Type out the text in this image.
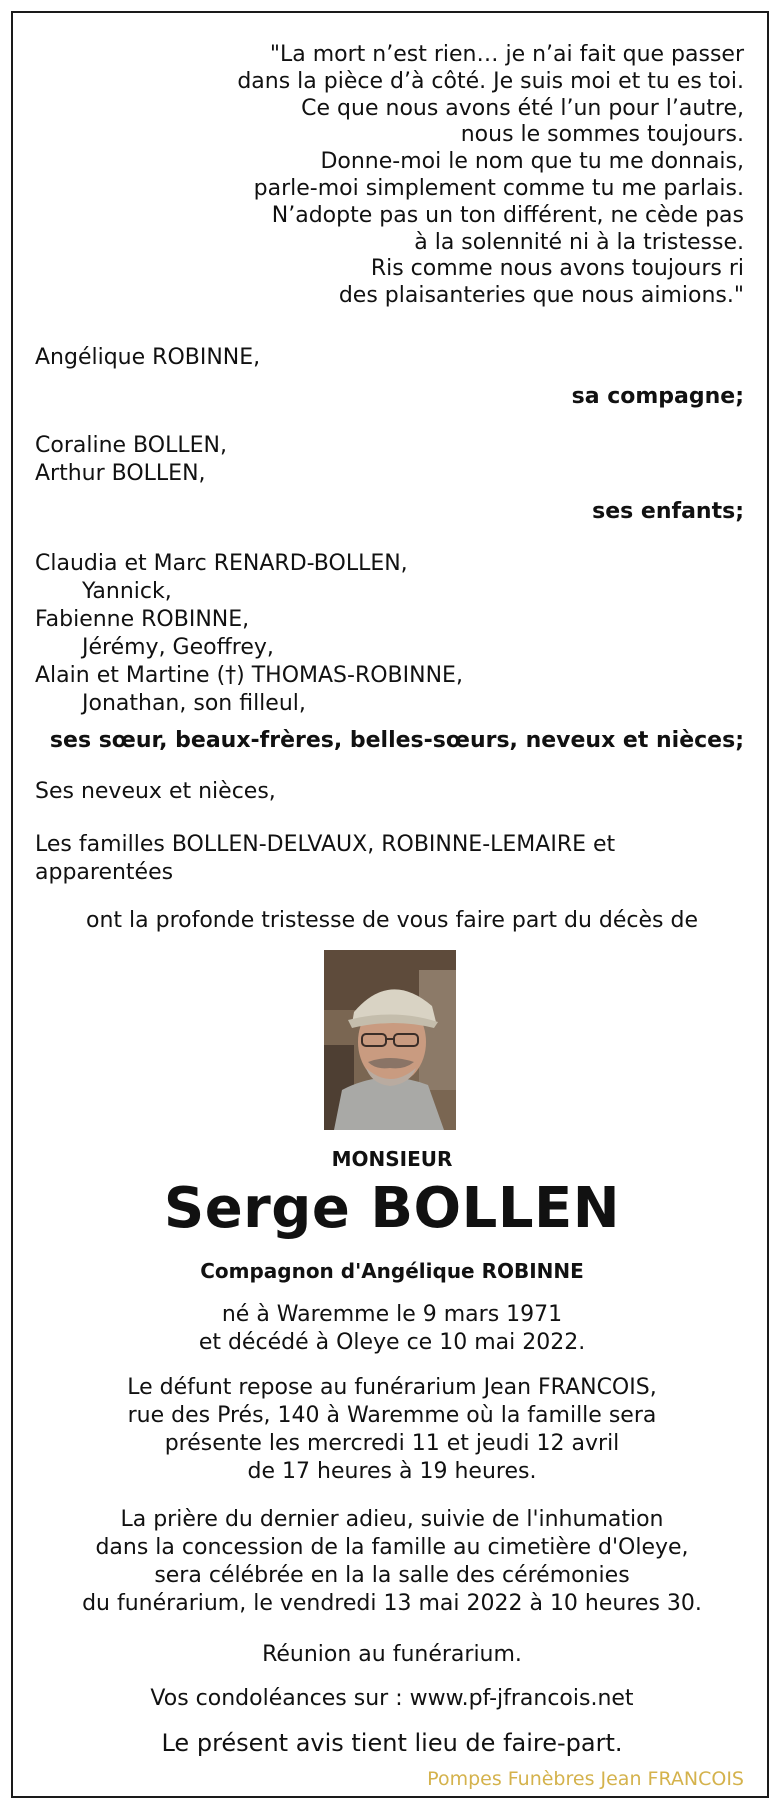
"La mort n’est rien… je n’ai fait que passer
dans la pièce d’à côté. Je suis moi et tu es toi.
Ce que nous avons été l’un pour l’autre,
nous le sommes toujours.
Donne-moi le nom que tu me donnais,
parle-moi simplement comme tu me parlais.
N’adopte pas un ton différent, ne cède pas
à la solennité ni à la tristesse.
Ris comme nous avons toujours ri
des plaisanteries que nous aimions."
Angélique ROBINNE,
sa compagne;
Coraline BOLLEN,
Arthur BOLLEN,
ses enfants;
Claudia et Marc RENARD-BOLLEN,
Yannick,
Fabienne ROBINNE,
Jérémy, Geoffrey,
Alain et Martine (†) THOMAS-ROBINNE,
Jonathan, son filleul,
ses sœur, beaux-frères, belles-sœurs, neveux et nièces;
Ses neveux et nièces,
Les familles BOLLEN-DELVAUX, ROBINNE-LEMAIRE et
apparentées
ont la profonde tristesse de vous faire part du décès de
MONSIEUR
Serge BOLLEN
Compagnon d'Angélique ROBINNE
né à Waremme le 9 mars 1971
et décédé à Oleye ce 10 mai 2022.
Le défunt repose au funérarium Jean FRANCOIS,
rue des Prés, 140 à Waremme où la famille sera
présente les mercredi 11 et jeudi 12 avril
de 17 heures à 19 heures.
La prière du dernier adieu, suivie de l'inhumation
dans la concession de la famille au cimetière d'Oleye,
sera célébrée en la la salle des cérémonies
du funérarium, le vendredi 13 mai 2022 à 10 heures 30.
Réunion au funérarium.
Vos condoléances sur : www.pf-jfrancois.net
Le présent avis tient lieu de faire-part.
Pompes Funèbres Jean FRANCOIS
